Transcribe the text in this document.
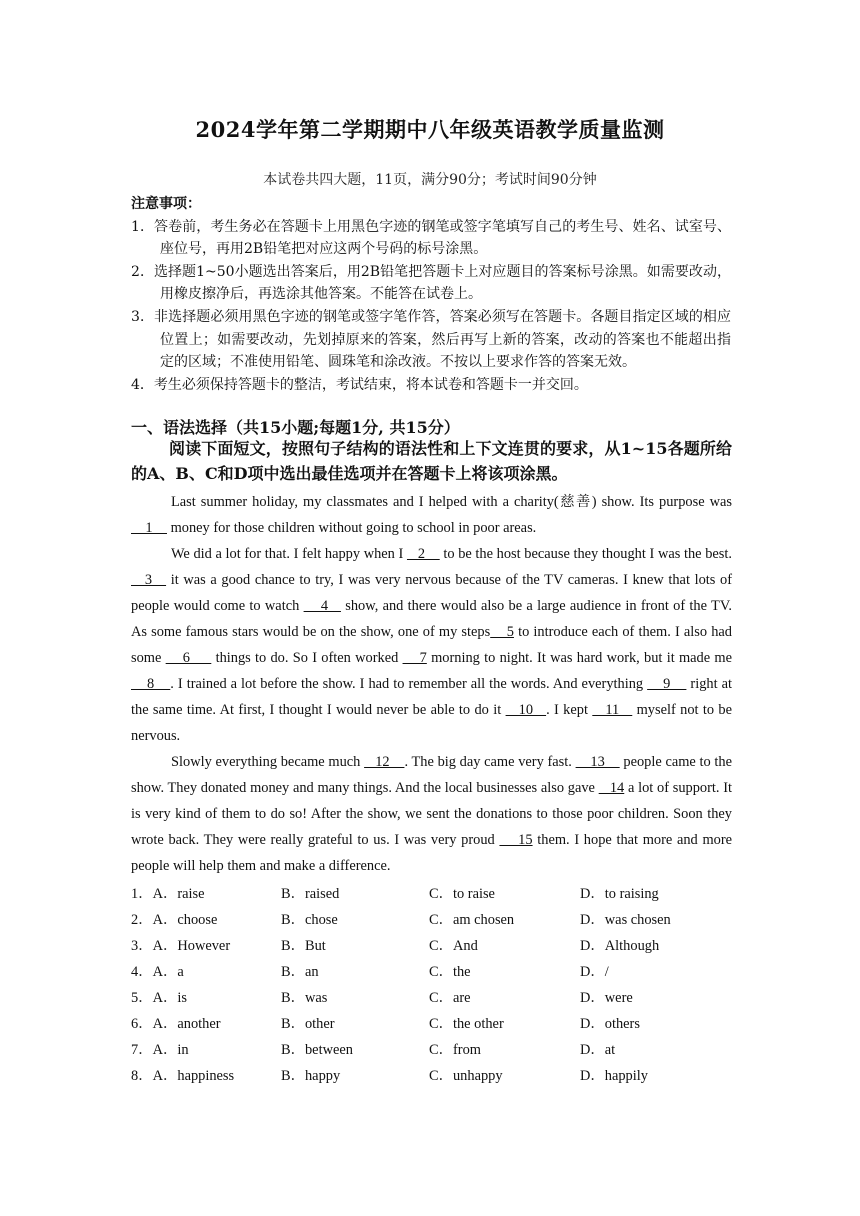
2024学年第二学期期中八年级英语教学质量监测
本试卷共四大题，11页，满分90分；考试时间90分钟
注意事项：
1．答卷前，考生务必在答题卡上用黑色字迹的钢笔或签字笔填写自己的考生号、姓名、试室号、座位号，再用2B铅笔把对应这两个号码的标号涂黑。
2．选择题1~50小题选出答案后，用2B铅笔把答题卡上对应题目的答案标号涂黑。如需要改动，用橡皮擦净后，再选涂其他答案。不能答在试卷上。
3．非选择题必须用黑色字迹的钢笔或签字笔作答，答案必须写在答题卡。各题目指定区域的相应位置上；如需要改动，先划掉原来的答案，然后再写上新的答案，改动的答案也不能超出指定的区域；不准使用铅笔、圆珠笔和涂改液。不按以上要求作答的答案无效。
4．考生必须保持答题卡的整洁，考试结束，将本试卷和答题卡一并交回。
一、语法选择（共15小题;每题1分, 共15分）
阅读下面短文，按照句子结构的语法性和上下文连贯的要求，从1~15各题所给的A、B、C和D项中选出最佳选项并在答题卡上将该项涂黑。

Last summer holiday, my classmates and I helped with a charity(慈善) show. Its purpose was     1     money for those children without going to school in poor areas.

We did a lot for that. I felt happy when I    2     to be the host because they thought I was the best.    3    it was a good chance to try, I was very nervous because of the TV cameras. I knew that lots of people would come to watch     4    show, and there would also be a large audience in front of the TV. As some famous stars would be on the show, one of my steps    5 to introduce each of them. I also had some     6      things to do. So I often worked     7 morning to night. It was hard work, but it made me    8    . I trained a lot before the show. I had to remember all the words. And everything     9     right at the same time. At first, I thought I would never be able to do it    10   . I kept    11    myself not to be nervous.

Slowly everything became much    12    . The big day came very fast.     13     people came to the show. They donated money and many things. And the local businesses also gave    14 a lot of support. It is very kind of them to do so! After the show, we sent the donations to those poor children. Soon they wrote back. They were really grateful to us. I was very proud     15 them. I hope that more and more people will help them and make a difference.

1．A．raise	B．raised	C．to raise	D．to raising
2．A．choose	B．chose	C．am chosen	D．was chosen
3．A．However	B．But	C．And	D．Although
4．A．a	B．an	C．the	D．/
5．A．is	B．was	C．are	D．were
6．A．another	B．other	C．the other	D．others
7．A．in	B．between	C．from	D．at
8．A．happiness	B．happy	C．unhappy	D．happily
